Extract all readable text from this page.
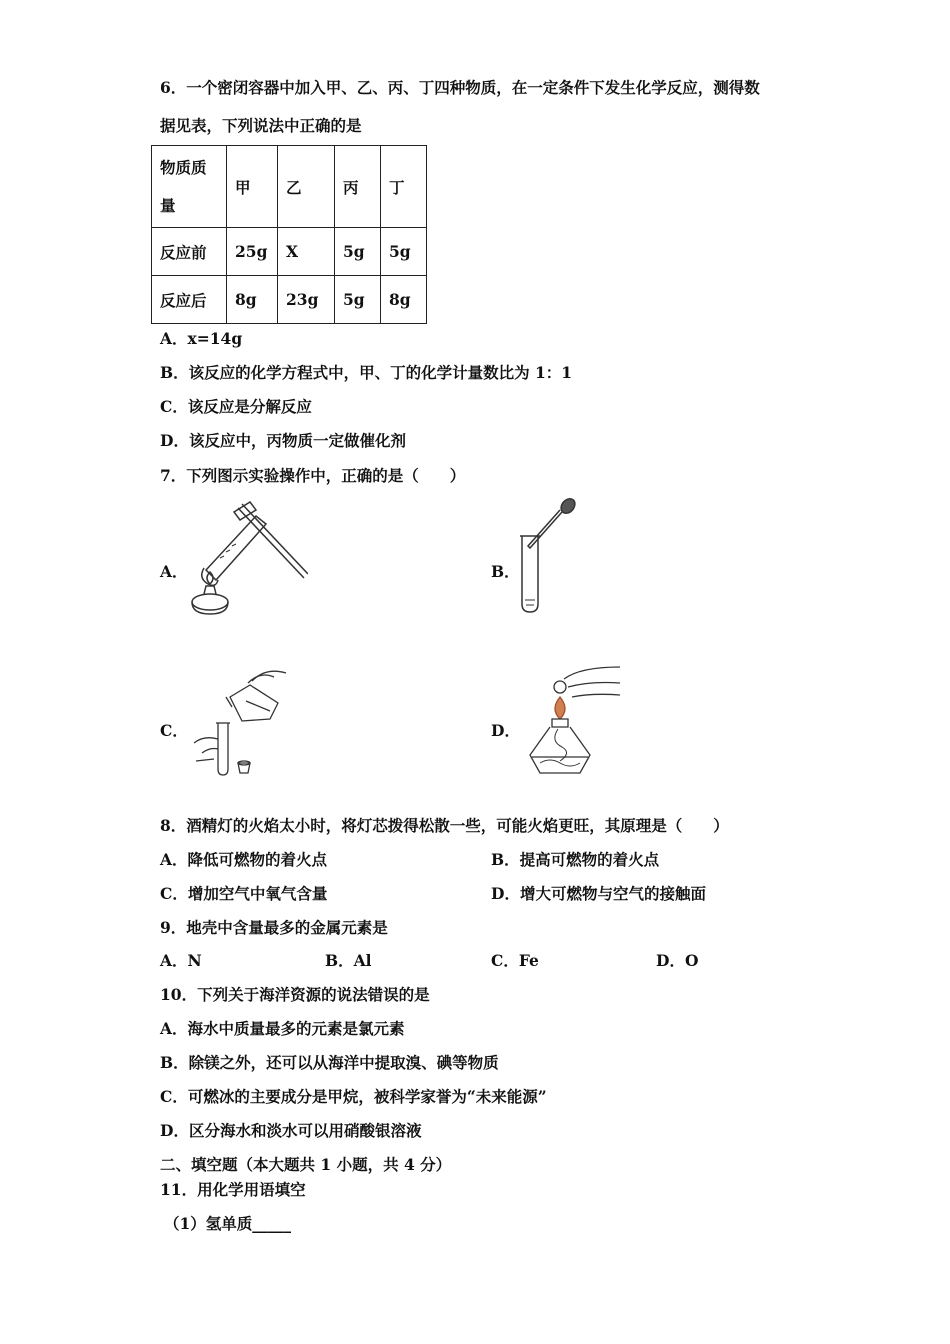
6．一个密闭容器中加入甲、乙、丙、丁四种物质，在一定条件下发生化学反应，测得数
据见表，下列说法中正确的是
物质质
量	甲	乙	丙	丁
反应前	25g	X	5g	5g
反应后	8g	23g	5g	8g
A．x=14g
B．该反应的化学方程式中，甲、丁的化学计量数比为 1：1
C．该反应是分解反应
D．该反应中，丙物质一定做催化剂
7．下列图示实验操作中，正确的是（　　）
A．	B．
C．	D．
8．酒精灯的火焰太小时，将灯芯拨得松散一些，可能火焰更旺，其原理是（　　）
A．降低可燃物的着火点	B．提高可燃物的着火点
C．增加空气中氧气含量	D．增大可燃物与空气的接触面
9．地壳中含量最多的金属元素是
A．N	B．Al	C．Fe	D．O
10．下列关于海洋资源的说法错误的是
A．海水中质量最多的元素是氯元素
B．除镁之外，还可以从海洋中提取溴、碘等物质
C．可燃冰的主要成分是甲烷，被科学家誉为“未来能源”
D．区分海水和淡水可以用硝酸银溶液
二、填空题（本大题共 1 小题，共 4 分）
11．用化学用语填空
（1）氢单质_____
